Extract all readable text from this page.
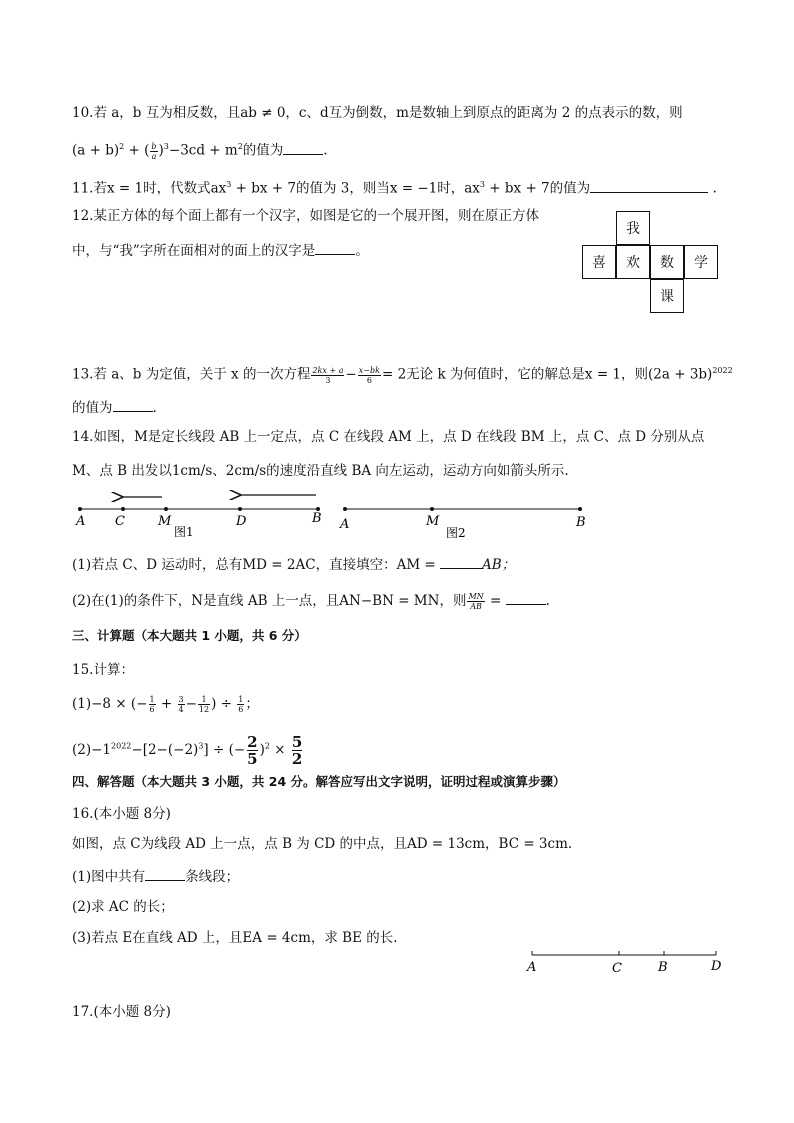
10.若 a，b 互为相反数，且ab ≠ 0，c、d互为倒数，m是数轴上到原点的距离为 2 的点表示的数，则
$(a + b)^2$ + ( $\frac{b}{a} )^3-3cd + m^2$的值为	.
11.若x = 1时，代数式$ax^3$ + bx + 7的值为 3，则当x = −1时，$ax^3$ + bx + 7的值为	.
12.某正方体的每个面上都有一个汉字，如图是它的一个展开图，则在原正方体
中，与“我”字所在面相对的面上的汉字是	。
我
喜	欢	数	学
课
13.若 a、b 为定值，关于 x 的一次方程 $\frac{2kx + a}{3} - \frac{x-bk}{6} = 2$无论 k 为何值时，它的解总是x = 1，则$(2a + 3b)^{2022}$
的值为	.
14.如图，M是定长线段 AB 上一定点，点 C 在线段 AM 上，点 D 在线段 BM 上，点 C、点 D 分别从点
M、点 B 出发以1cm/s、2cm/s的速度沿直线 BA 向左运动，运动方向如箭头所示.
A C	M	D	B
图1	A	M	B
图2
(1)若点 C、D 运动时，总有MD = 2AC，直接填空：AM =	AB；
(2)在(1)的条件下，N是直线 AB 上一点，且AN−BN = MN，则 $\frac{MN}{AB}$ =	.
三、计算题（本大题共 1 小题，共 6 分）
15.计算：
(1)−8 × (− $\frac{1}{6} + \frac{3}{4} - \frac{1}{12}$ ) ÷ $\frac{1}{6}$ ；
$(2)-1^{2022}-[2-(-2)^3]$ ÷ (− $\frac{2}{5} )^2 \times \frac{5}{2}$
四、解答题（本大题共 3 小题，共 24 分。解答应写出文字说明，证明过程或演算步骤）
16.(本小题 8分)
如图，点 C为线段 AD 上一点，点 B 为 CD 的中点，且AD = 13cm，BC = 3cm.
(1)图中共有	条线段；
(2)求 AC 的长；
(3)若点 E在直线 AD 上，且EA = 4cm，求 BE 的长.
A	C	B	D
17.(本小题 8分)
